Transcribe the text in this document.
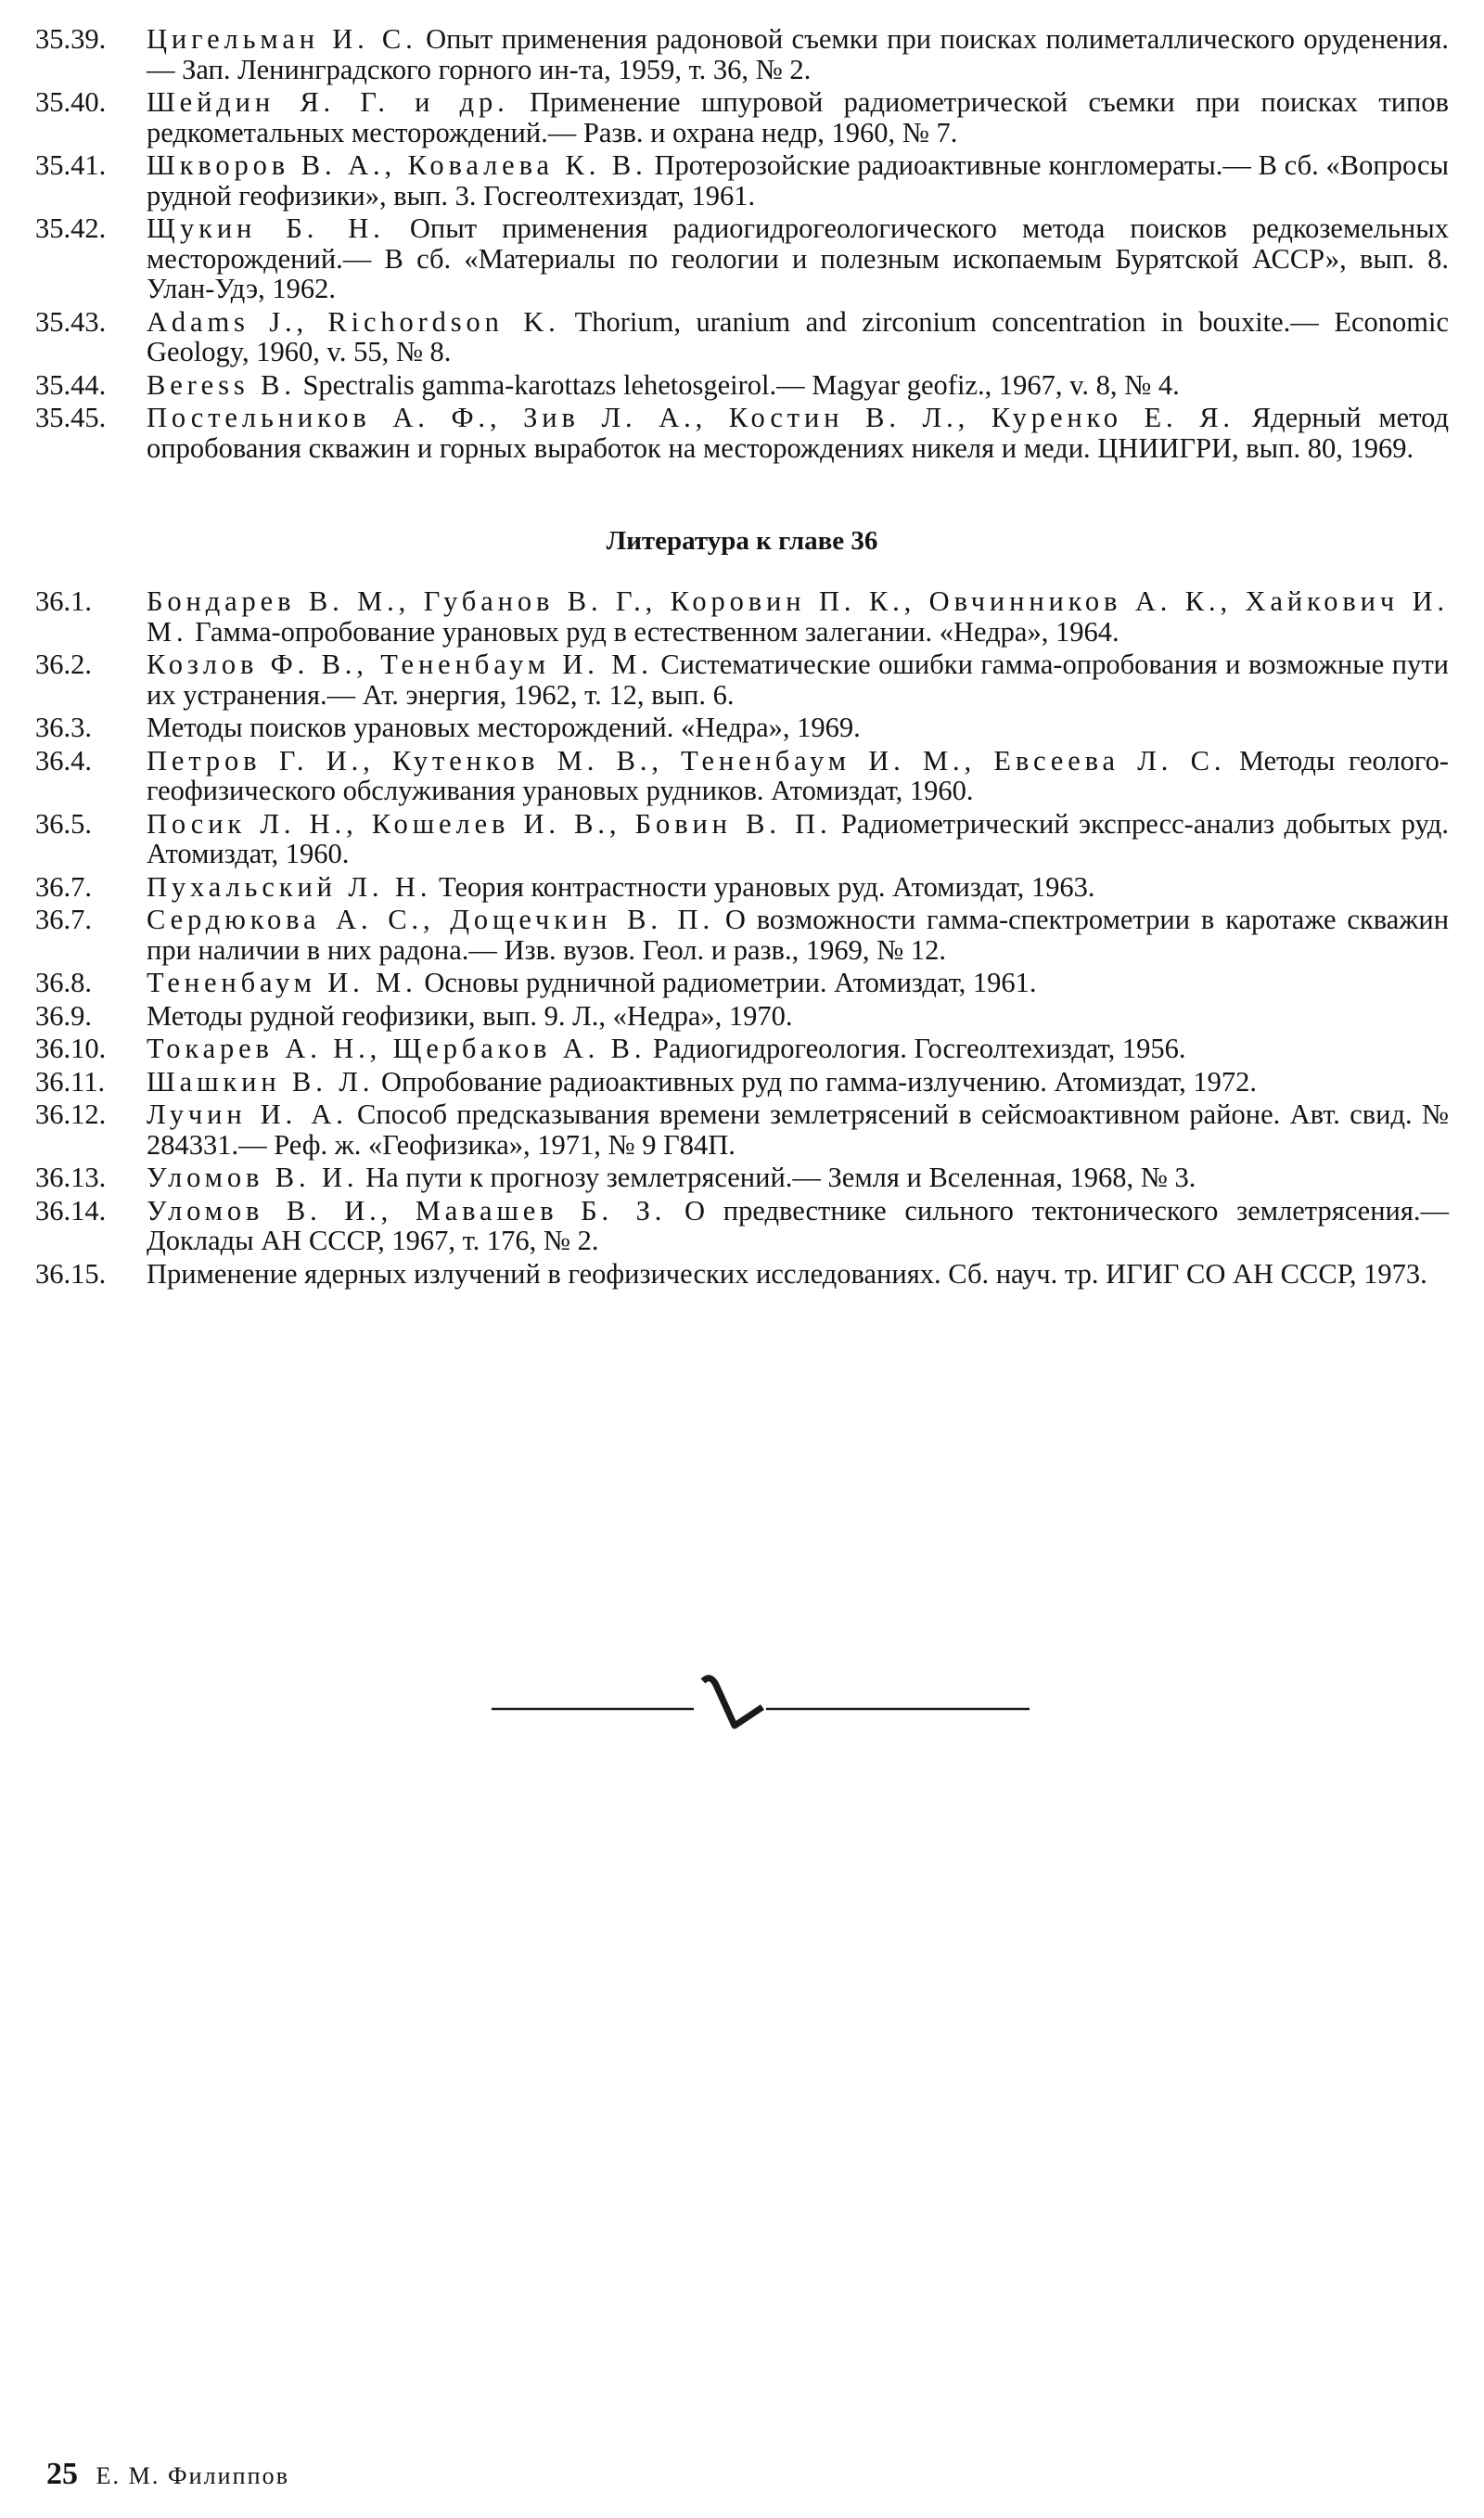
35.39.	Цигельман И. С. Опыт применения радоновой съемки при поисках полиметаллического оруденения.— Зап. Ленинградского горного ин-та, 1959, т. 36, № 2.
35.40.	Шейдин Я. Г. и др. Применение шпуровой радиометрической съемки при поисках типов редкометальных месторождений.— Разв. и охрана недр, 1960, № 7.
35.41.	Шкворов В. А., Ковалева К. В. Протерозойские радиоактивные конгломераты.— В сб. «Вопросы рудной геофизики», вып. 3. Госгеолтехиздат, 1961.
35.42.	Щукин Б. Н. Опыт применения радиогидрогеологического метода поисков редкоземельных месторождений.— В сб. «Материалы по геологии и полезным ископаемым Бурятской АССР», вып. 8. Улан-Удэ, 1962.
35.43.	Adams J., Richordson K. Thorium, uranium and zirconium concentration in bouxite.— Economic Geology, 1960, v. 55, № 8.
35.44.	Beress B. Spectralis gamma-karottazs lehetosgeirol.— Magyar geofiz., 1967, v. 8, № 4.
35.45.	Постельников А. Ф., Зив Л. А., Костин В. Л., Куренко Е. Я. Ядерный метод опробования скважин и горных выработок на месторождениях никеля и меди. ЦНИИГРИ, вып. 80, 1969.
Литература к главе 36
36.1.	Бондарев В. М., Губанов В. Г., Коровин П. К., Овчинников А. К., Хайкович И. М. Гамма-опробование урановых руд в естественном залегании. «Недра», 1964.
36.2.	Козлов Ф. В., Тененбаум И. М. Систематические ошибки гамма-опробования и возможные пути их устранения.— Ат. энергия, 1962, т. 12, вып. 6.
36.3.	Методы поисков урановых месторождений. «Недра», 1969.
36.4.	Петров Г. И., Кутенков М. В., Тененбаум И. М., Евсеева Л. С. Методы геолого-геофизического обслуживания урановых рудников. Атомиздат, 1960.
36.5.	Посик Л. Н., Кошелев И. В., Бовин В. П. Радиометрический экспресс-анализ добытых руд. Атомиздат, 1960.
36.7.	Пухальский Л. Н. Теория контрастности урановых руд. Атомиздат, 1963.
36.7.	Сердюкова А. С., Дощечкин В. П. О возможности гамма-спектрометрии в каротаже скважин при наличии в них радона.— Изв. вузов. Геол. и разв., 1969, № 12.
36.8.	Тененбаум И. М. Основы рудничной радиометрии. Атомиздат, 1961.
36.9.	Методы рудной геофизики, вып. 9. Л., «Недра», 1970.
36.10.	Токарев А. Н., Щербаков А. В. Радиогидрогеология. Госгеолтехиздат, 1956.
36.11.	Шашкин В. Л. Опробование радиоактивных руд по гамма-излучению. Атомиздат, 1972.
36.12.	Лучин И. А. Способ предсказывания времени землетрясений в сейсмоактивном районе. Авт. свид. № 284331.— Реф. ж. «Геофизика», 1971, № 9 Г84П.
36.13.	Уломов В. И. На пути к прогнозу землетрясений.— Земля и Вселенная, 1968, № 3.
36.14.	Уломов В. И., Мавашев Б. З. О предвестнике сильного тектонического землетрясения.— Доклады АН СССР, 1967, т. 176, № 2.
36.15.	Применение ядерных излучений в геофизических исследованиях. Сб. науч. тр. ИГИГ СО АН СССР, 1973.
25 Е. М. Филиппов
